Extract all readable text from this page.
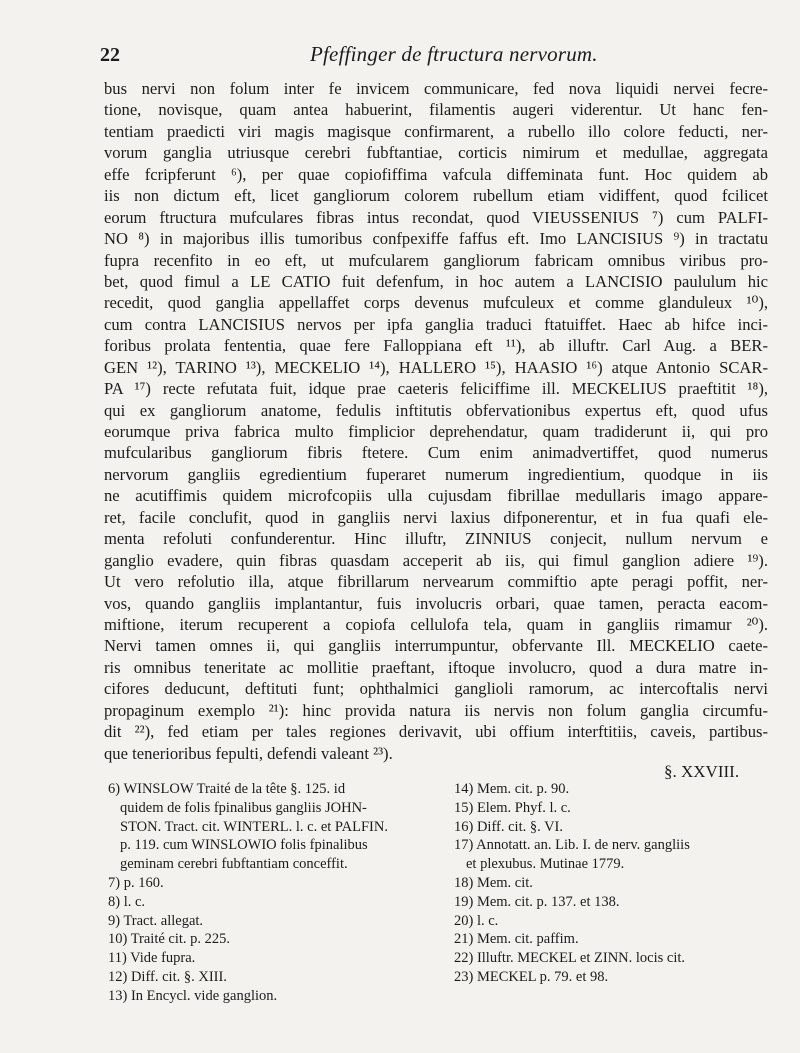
22	Pfeffinger de ftructura nervorum.
bus nervi non folum inter fe invicem communicare, fed nova liquidi nervei fecre-
tione, novisque, quam antea habuerint, filamentis augeri viderentur. Ut hanc fen-
tentiam praedicti viri magis magisque confirmarent, a rubello illo colore feducti, ner-
vorum ganglia utriusque cerebri fubftantiae, corticis nimirum et medullae, aggregata
effe fcripferunt ⁶), per quae copiofiffima vafcula diffeminata funt. Hoc quidem ab
iis non dictum eft, licet gangliorum colorem rubellum etiam vidiffent, quod fcilicet
eorum ftructura mufculares fibras intus recondat, quod VIEUSSENIUS ⁷) cum PALFI-
NO ⁸) in majoribus illis tumoribus confpexiffe faffus eft. Imo LANCISIUS ⁹) in tractatu
fupra recenfito in eo eft, ut mufcularem gangliorum fabricam omnibus viribus pro-
bet, quod fimul a LE CATIO fuit defenfum, in hoc autem a LANCISIO paululum hic
recedit, quod ganglia appellaffet corps devenus mufculeux et comme glanduleux ¹⁰),
cum contra LANCISIUS nervos per ipfa ganglia traduci ftatuiffet. Haec ab hifce inci-
foribus prolata fententia, quae fere Falloppiana eft ¹¹), ab illuftr. Carl Aug. a BER-
GEN ¹²), TARINO ¹³), MECKELIO ¹⁴), HALLERO ¹⁵), HAASIO ¹⁶) atque Antonio SCAR-
PA ¹⁷) recte refutata fuit, idque prae caeteris feliciffime ill. MECKELIUS praeftitit ¹⁸),
qui ex gangliorum anatome, fedulis inftitutis obfervationibus expertus eft, quod ufus
eorumque priva fabrica multo fimplicior deprehendatur, quam tradiderunt ii, qui pro
mufcularibus gangliorum fibris ftetere. Cum enim animadvertiffet, quod numerus
nervorum gangliis egredientium fuperaret numerum ingredientium, quodque in iis
ne acutiffimis quidem microfcopiis ulla cujusdam fibrillae medullaris imago appare-
ret, facile conclufit, quod in gangliis nervi laxius difponerentur, et in fua quafi ele-
menta refoluti confunderentur. Hinc illuftr, ZINNIUS conjecit, nullum nervum e
ganglio evadere, quin fibras quasdam acceperit ab iis, qui fimul ganglion adiere ¹⁹).
Ut vero refolutio illa, atque fibrillarum nervearum commiftio apte peragi poffit, ner-
vos, quando gangliis implantantur, fuis involucris orbari, quae tamen, peracta eacom-
miftione, iterum recuperent a copiofa cellulofa tela, quam in gangliis rimamur ²⁰).
Nervi tamen omnes ii, qui gangliis interrumpuntur, obfervante Ill. MECKELIO caete-
ris omnibus teneritate ac mollitie praeftant, iftoque involucro, quod a dura matre in-
cifores deducunt, deftituti funt; ophthalmici ganglioli ramorum, ac intercoftalis nervi
propaginum exemplo ²¹): hinc provida natura iis nervis non folum ganglia circumfu-
dit ²²), fed etiam per tales regiones derivavit, ubi offium interftitiis, caveis, partibus-
que tenerioribus fepulti, defendi valeant ²³).
§. XXVIII.
6) WINSLOW Traité de la tête §. 125. id
quidem de folis fpinalibus gangliis JOHN-
STON. Tract. cit. WINTERL. l. c. et PALFIN.
p. 119. cum WINSLOWIO folis fpinalibus
geminam cerebri fubftantiam conceffit.
7) p. 160.
8) l. c.
9) Tract. allegat.
10) Traité cit. p. 225.
11) Vide fupra.
12) Diff. cit. §. XIII.
13) In Encycl. vide ganglion.
14) Mem. cit. p. 90.
15) Elem. Phyf. l. c.
16) Diff. cit. §. VI.
17) Annotatt. an. Lib. I. de nerv. gangliis
et plexubus. Mutinae 1779.
18) Mem. cit.
19) Mem. cit. p. 137. et 138.
20) l. c.
21) Mem. cit. paffim.
22) Illuftr. MECKEL et ZINN. locis cit.
23) MECKEL p. 79. et 98.
